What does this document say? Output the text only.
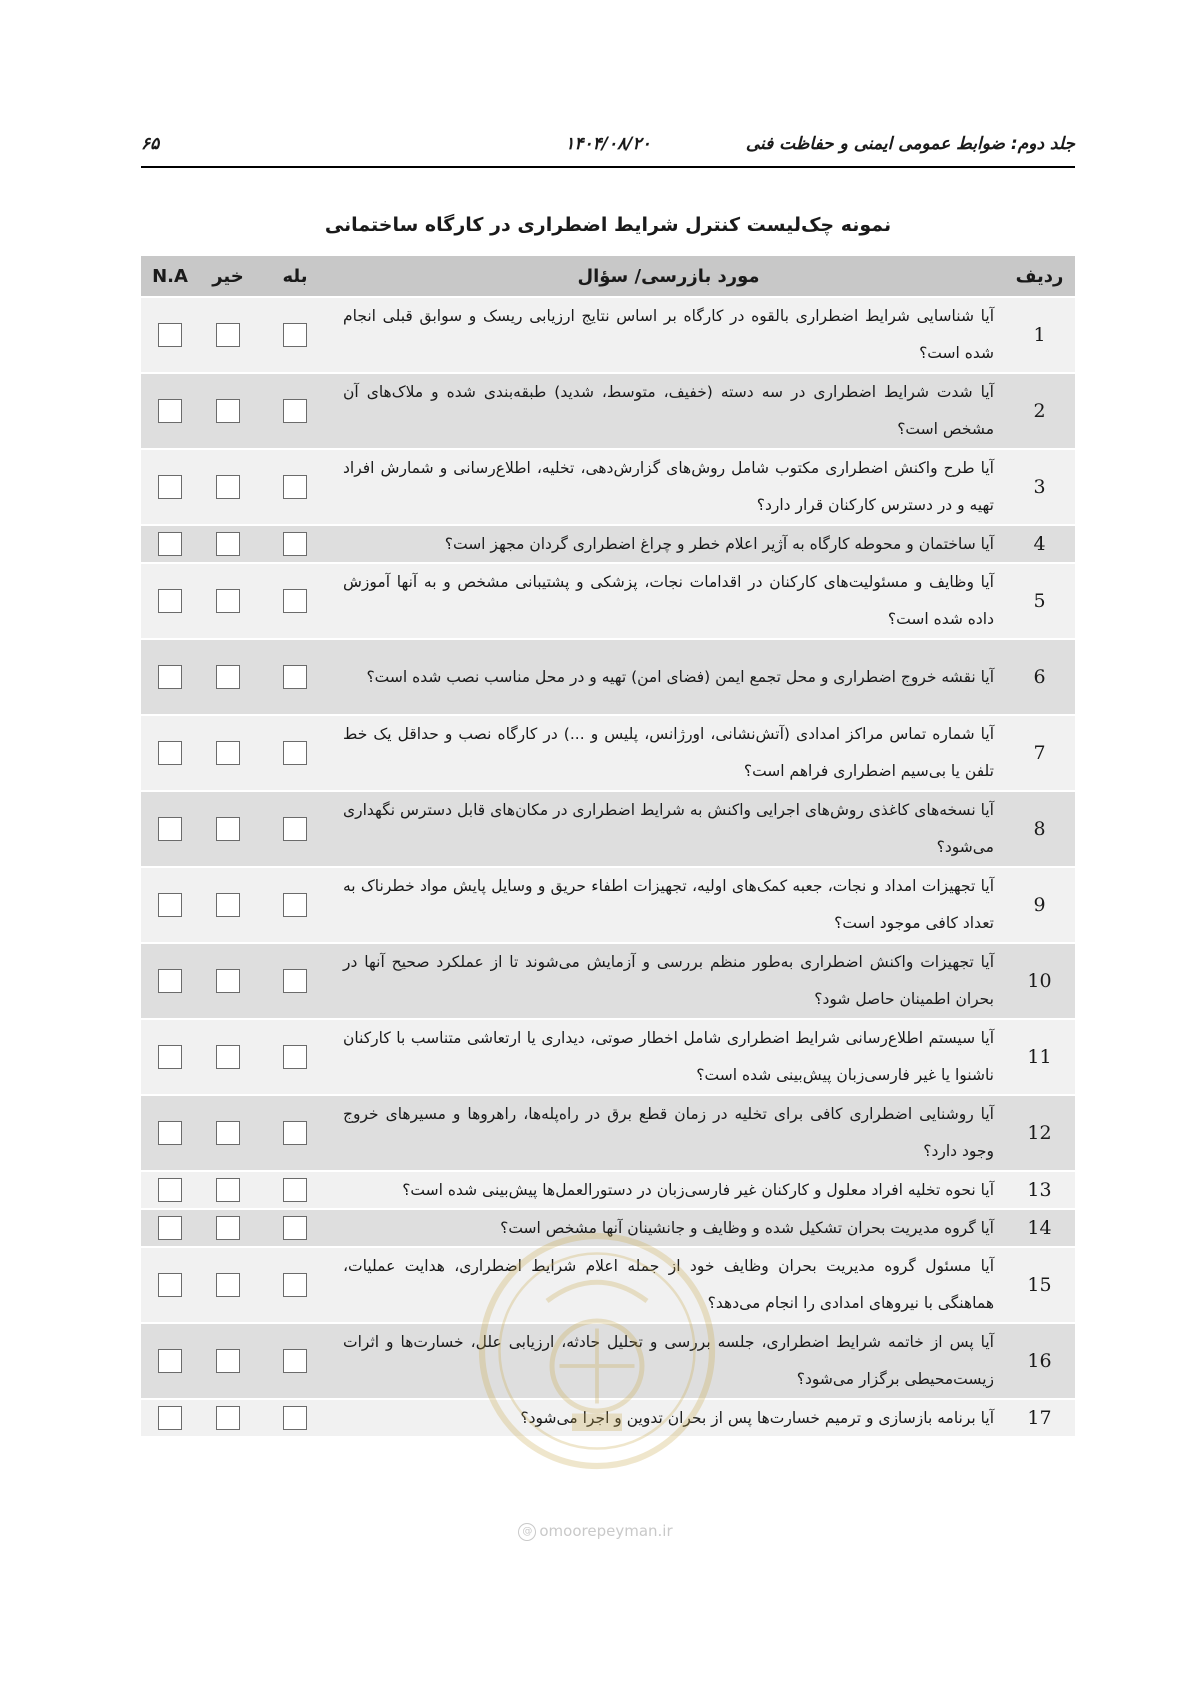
جلد دوم: ضوابط عمومی ایمنی و حفاظت فنی
۱۴۰۴/۰۸/۲۰
۶۵
نمونه چک‌لیست کنترل شرایط اضطراری در کارگاه ساختمانی
ردیف
مورد بازرسی/ سؤال
بله
خیر
N.A
1
آیا شناسایی شرایط اضطراری بالقوه در کارگاه بر اساس نتایج ارزیابی ریسک و سوابق قبلی انجام شده است؟
2
آیا شدت شرایط اضطراری در سه دسته (خفیف، متوسط، شدید) طبقه‌بندی شده و ملاک‌های آن مشخص است؟
3
آیا طرح واکنش اضطراری مکتوب شامل روش‌های گزارش‌دهی، تخلیه، اطلاع‌رسانی و شمارش افراد تهیه و در دسترس کارکنان قرار دارد؟
4
آیا ساختمان و محوطه کارگاه به آژیر اعلام خطر و چراغ اضطراری گردان مجهز است؟
5
آیا وظایف و مسئولیت‌های کارکنان در اقدامات نجات، پزشکی و پشتیبانی مشخص و به آنها آموزش داده شده است؟
6
آیا نقشه خروج اضطراری و محل تجمع ایمن (فضای امن) تهیه و در محل مناسب نصب شده است؟
7
آیا شماره تماس مراکز امدادی (آتش‌نشانی، اورژانس، پلیس و ...) در کارگاه نصب و حداقل یک خط تلفن یا بی‌سیم اضطراری فراهم است؟
8
آیا نسخه‌های کاغذی روش‌های اجرایی واکنش به شرایط اضطراری در مکان‌های قابل دسترس نگهداری می‌شود؟
9
آیا تجهیزات امداد و نجات، جعبه کمک‌های اولیه، تجهیزات اطفاء حریق و وسایل پایش مواد خطرناک به تعداد کافی موجود است؟
10
آیا تجهیزات واکنش اضطراری به‌طور منظم بررسی و آزمایش می‌شوند تا از عملکرد صحیح آنها در بحران اطمینان حاصل شود؟
11
آیا سیستم اطلاع‌رسانی شرایط اضطراری شامل اخطار صوتی، دیداری یا ارتعاشی متناسب با کارکنان ناشنوا یا غیر فارسی‌زبان پیش‌بینی شده است؟
12
آیا روشنایی اضطراری کافی برای تخلیه در زمان قطع برق در راه‌پله‌ها، راهروها و مسیرهای خروج وجود دارد؟
13
آیا نحوه تخلیه افراد معلول و کارکنان غیر فارسی‌زبان در دستورالعمل‌ها پیش‌بینی شده است؟
14
آیا گروه مدیریت بحران تشکیل شده و وظایف و جانشینان آنها مشخص است؟
15
آیا مسئول گروه مدیریت بحران وظایف خود از جمله اعلام شرایط اضطراری، هدایت عملیات، هماهنگی با نیروهای امدادی را انجام می‌دهد؟
16
آیا پس از خاتمه شرایط اضطراری، جلسه بررسی و تحلیل حادثه، ارزیابی علل، خسارت‌ها و اثرات زیست‌محیطی برگزار می‌شود؟
17
آیا برنامه بازسازی و ترمیم خسارت‌ها پس از بحران تدوین و اجرا می‌شود؟
@ omoorepeyman.ir
